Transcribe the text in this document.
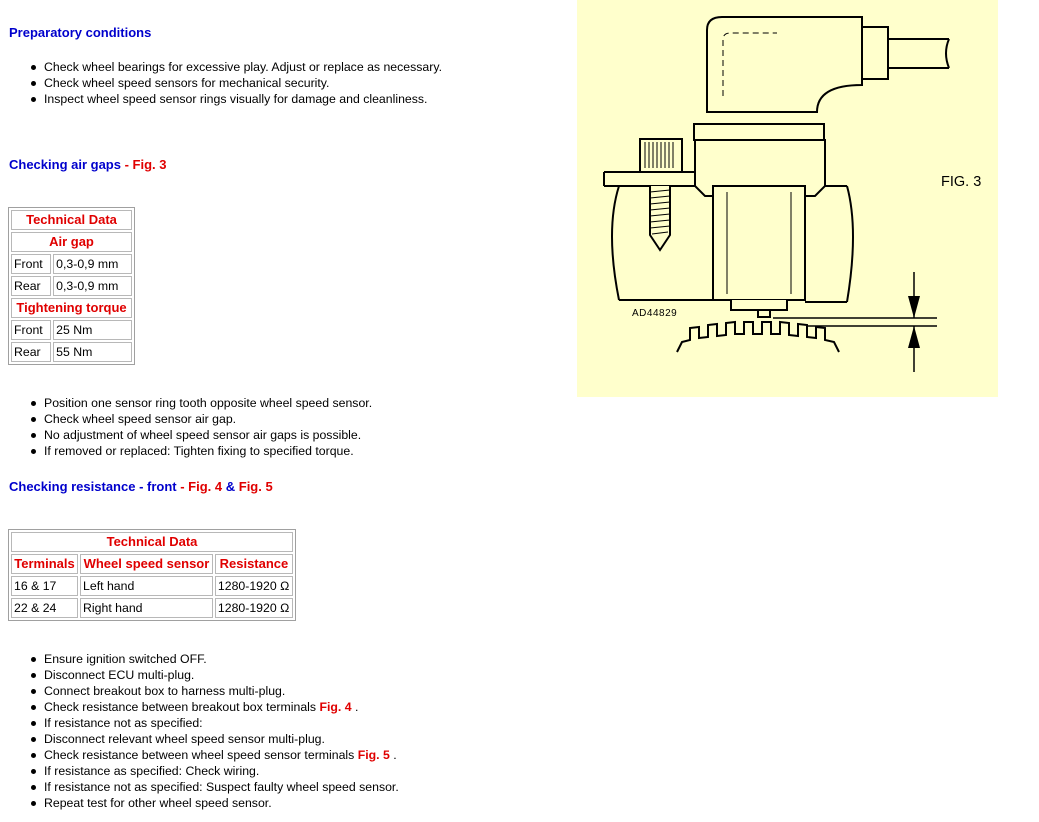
Preparatory conditions
Check wheel bearings for excessive play. Adjust or replace as necessary.
Check wheel speed sensors for mechanical security.
Inspect wheel speed sensor rings visually for damage and cleanliness.
Checking air gaps - Fig. 3
Technical Data	
Air gap	
Front	0,3-0,9 mm
Rear	0,3-0,9 mm
Tightening torque	
Front	25 Nm
Rear	55 Nm
Position one sensor ring tooth opposite wheel speed sensor.
Check wheel speed sensor air gap.
No adjustment of wheel speed sensor air gaps is possible.
If removed or replaced: Tighten fixing to specified torque.
Checking resistance - front - Fig. 4 & Fig. 5
Technical Data		
Terminals	Wheel speed sensor	Resistance
16 & 17	Left hand	1280-1920 Ω
22 & 24	Right hand	1280-1920 Ω
Ensure ignition switched OFF.
Disconnect ECU multi-plug.
Connect breakout box to harness multi-plug.
Check resistance between breakout box terminals Fig. 4 .
If resistance not as specified:
Disconnect relevant wheel speed sensor multi-plug.
Check resistance between wheel speed sensor terminals Fig. 5 .
If resistance as specified: Check wiring.
If resistance not as specified: Suspect faulty wheel speed sensor.
Repeat test for other wheel speed sensor.
AD44829
FIG. 3
